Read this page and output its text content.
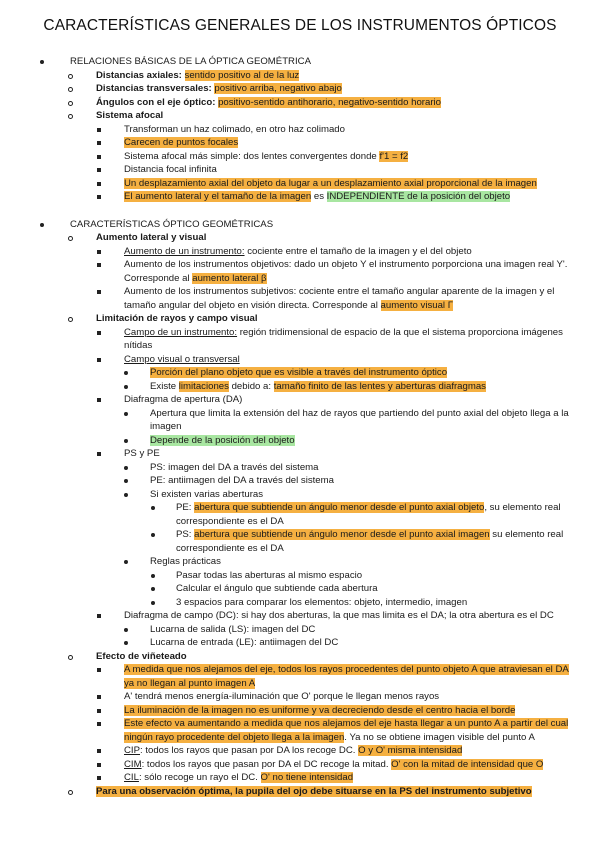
CARACTERÍSTICAS GENERALES DE LOS INSTRUMENTOS ÓPTICOS
RELACIONES BÁSICAS DE LA ÓPTICA GEOMÉTRICA
Distancias axiales: sentido positivo al de la luz
Distancias transversales: positivo arriba, negativo abajo
Ángulos con el eje óptico: positivo-sentido antihorario, negativo-sentido horario
Sistema afocal
Transforman un haz colimado, en otro haz colimado
Carecen de puntos focales
Sistema afocal más simple: dos lentes convergentes donde f'1 = f2
Distancia focal infinita
Un desplazamiento axial del objeto da lugar a un desplazamiento axial proporcional de la imagen
El aumento lateral y el tamaño de la imagen es INDEPENDIENTE de la posición del objeto
CARACTERÍSTICAS ÓPTICO GEOMÉTRICAS
Aumento lateral y visual
Aumento de un instrumento: cociente entre el tamaño de la imagen y el del objeto
Aumento de los instrumentos objetivos: dado un objeto Y el instrumento porporciona una imagen real Y'. Corresponde al aumento lateral β
Aumento de los instrumentos subjetivos: cociente entre el tamaño angular aparente de la imagen y el tamaño angular del objeto en visión directa. Corresponde al aumento visual Γ
Limitación de rayos y campo visual
Campo de un instrumento: región tridimensional de espacio de la que el sistema proporciona imágenes nítidas
Campo visual o transversal
Porción del plano objeto que es visible a través del instrumento óptico
Existe limitaciones debido a: tamaño finito de las lentes y aberturas diafragmas
Diafragma de apertura (DA)
Apertura que limita la extensión del haz de rayos que partiendo del punto axial del objeto llega a la imagen
Depende de la posición del objeto
PS y PE
PS: imagen del DA a través del sistema
PE: antiimagen del DA a través del sistema
Si existen varias aberturas
PE: abertura que subtiende un ángulo menor desde el punto axial objeto, su elemento real correspondiente es el DA
PS: abertura que subtiende un ángulo menor desde el punto axial imagen su elemento real correspondiente es el DA
Reglas prácticas
Pasar todas las aberturas al mismo espacio
Calcular el ángulo que subtiende cada abertura
3 espacios para comparar los elementos: objeto, intermedio, imagen
Diafragma de campo (DC): si hay dos aberturas, la que mas limita es el DA; la otra abertura es el DC
Lucarna de salida (LS): imagen del DC
Lucarna de entrada (LE): antiimagen del DC
Efecto de viñeteado
A medida que nos alejamos del eje, todos los rayos procedentes del punto objeto A que atraviesan el DA ya no llegan al punto imagen A
A' tendrá menos energía-iluminación que O' porque le llegan menos rayos
La iluminación de la imagen no es uniforme y va decreciendo desde el centro hacia el borde
Este efecto va aumentando a medida que nos alejamos del eje hasta llegar a un punto A a partir del cual ningún rayo procedente del objeto llega a la imagen. Ya no se obtiene imagen visible del punto A
CIP: todos los rayos que pasan por DA los recoge DC. O y O' misma intensidad
CIM: todos los rayos que pasan por DA el DC recoge la mitad. O' con la mitad de intensidad que O
CIL: sólo recoge un rayo el DC. O' no tiene intensidad
Para una observación óptima, la pupila del ojo debe situarse en la PS del instrumento subjetivo
